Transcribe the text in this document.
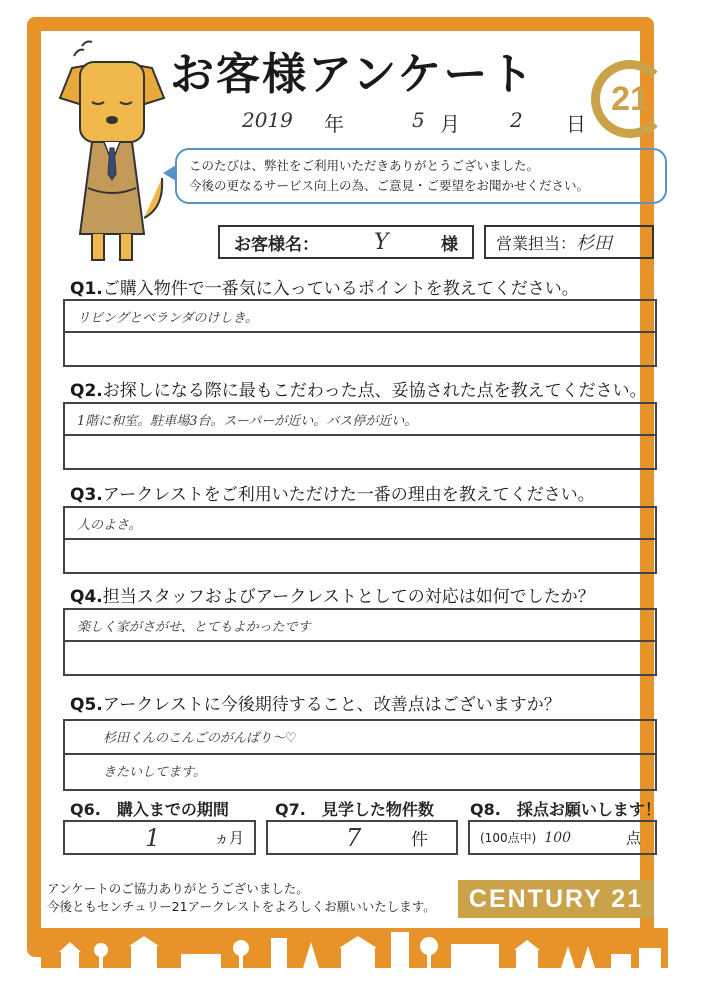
お客様アンケート 21
2019 年	5 月	2 日
このたびは、弊社をご利用いただきありがとうございました。
今後の更なるサービス向上の為、ご意見・ご要望をお聞かせください。
お客様名：	Y	様 営業担当： 杉田
Q1.ご購入物件で一番気に入っているポイントを教えてください。
リビングとベランダのけしき。
Q2.お探しになる際に最もこだわった点、妥協された点を教えてください。
1階に和室。駐車場3台。スーパーが近い。バス停が近い。
Q3.アークレストをご利用いただけた一番の理由を教えてください。
人のよさ。
Q4.担当スタッフおよびアークレストとしての対応は如何でしたか？
楽しく家がさがせ、とてもよかったです
Q5.アークレストに今後期待すること、改善点はございますか？
杉田くんのこんごのがんばり〜♡
きたいしてます。
Q6.　 購入までの期間	Q7.　 見学した物件数 Q8.　 採点お願いします！
1	ヵ月	7	件	(100点中) 100	点
アンケートのご協力ありがとうございました。
今後ともセンチュリー21アークレストをよろしくお願いいたします。	CENTURY 21
センチュリー21の加盟店は、すべて独立・自営です。
